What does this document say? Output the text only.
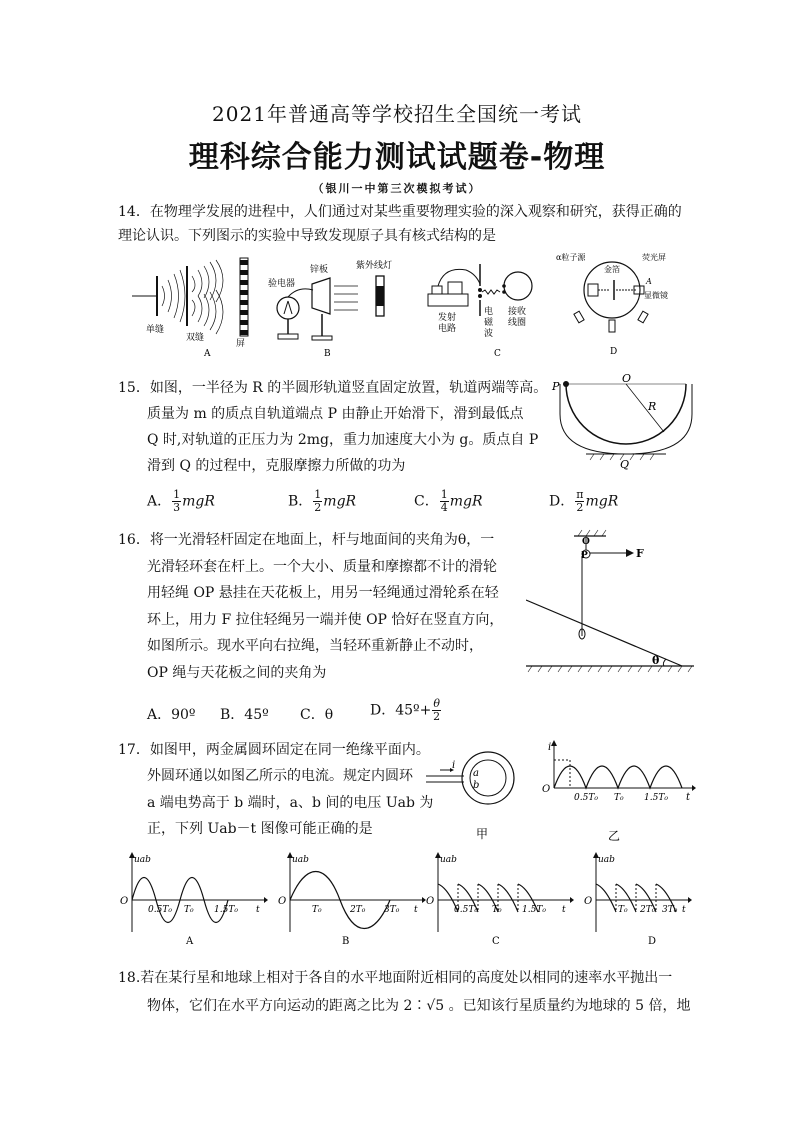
2021年普通高等学校招生全国统一考试
理科综合能力测试试题卷-物理
（银川一中第三次模拟考试）
14．在物理学发展的进程中，人们通过对某些重要物理实验的深入观察和研究，获得正确的
理论认识。下列图示的实验中导致发现原子具有核式结构的是
单缝
双缝
屏
A
验电器
锌板	紫外线灯
B
发射
电路
电
磁
波
接收
线圈
C
α粒子源
金箔
荧光屏
A
显微镜
D
15．如图，一半径为 R 的半圆形轨道竖直固定放置，轨道两端等高。
质量为 m 的质点自轨道端点 P 由静止开始滑下，滑到最低点
Q 时,对轨道的正压力为 2mg，重力加速度大小为 g。质点自 P
滑到 Q 的过程中，克服摩擦力所做的功为
P
O
R
Q
A． $\frac{1}{3}$ mgR	B． $\frac{1}{2}$ mgR	C． $\frac{1}{4}$ mgR	D． $\frac{\pi}{2}$ mgR
16．将一光滑轻杆固定在地面上，杆与地面间的夹角为θ，一
光滑轻环套在杆上。一个大小、质量和摩擦都不计的滑轮
用轻绳 OP 悬挂在天花板上，用另一轻绳通过滑轮系在轻
环上，用力 F 拉住轻绳另一端并使 OP 恰好在竖直方向，
如图所示。现水平向右拉绳，当轻环重新静止不动时，
OP 绳与天花板之间的夹角为
O
P	F
θ
A．90º B．45º C．θ	D．45º+ $\frac{\theta}{2}$
17．如图甲，两金属圆环固定在同一绝缘平面内。
外圆环通以如图乙所示的电流。规定内圆环
a 端电势高于 b 端时，a、b 间的电压 Uab 为
正，下列 Uab－t 图像可能正确的是
i
a
b
甲
i
O
0.5T₀ T₀ 1.5T₀ t
乙
uab
O
0.5T₀ T₀ 1.5T₀ t
A
uab
O
T₀	2T₀ 3T₀ t
B
uab
O
0.5T₀ T₀ 1.5T₀ t
C
uab
O
T₀ 2T₀ 3T₀ t
D
18.若在某行星和地球上相对于各自的水平地面附近相同的高度处以相同的速率水平抛出一
物体，它们在水平方向运动的距离之比为 2∶√5 。已知该行星质量约为地球的 5 倍，地
